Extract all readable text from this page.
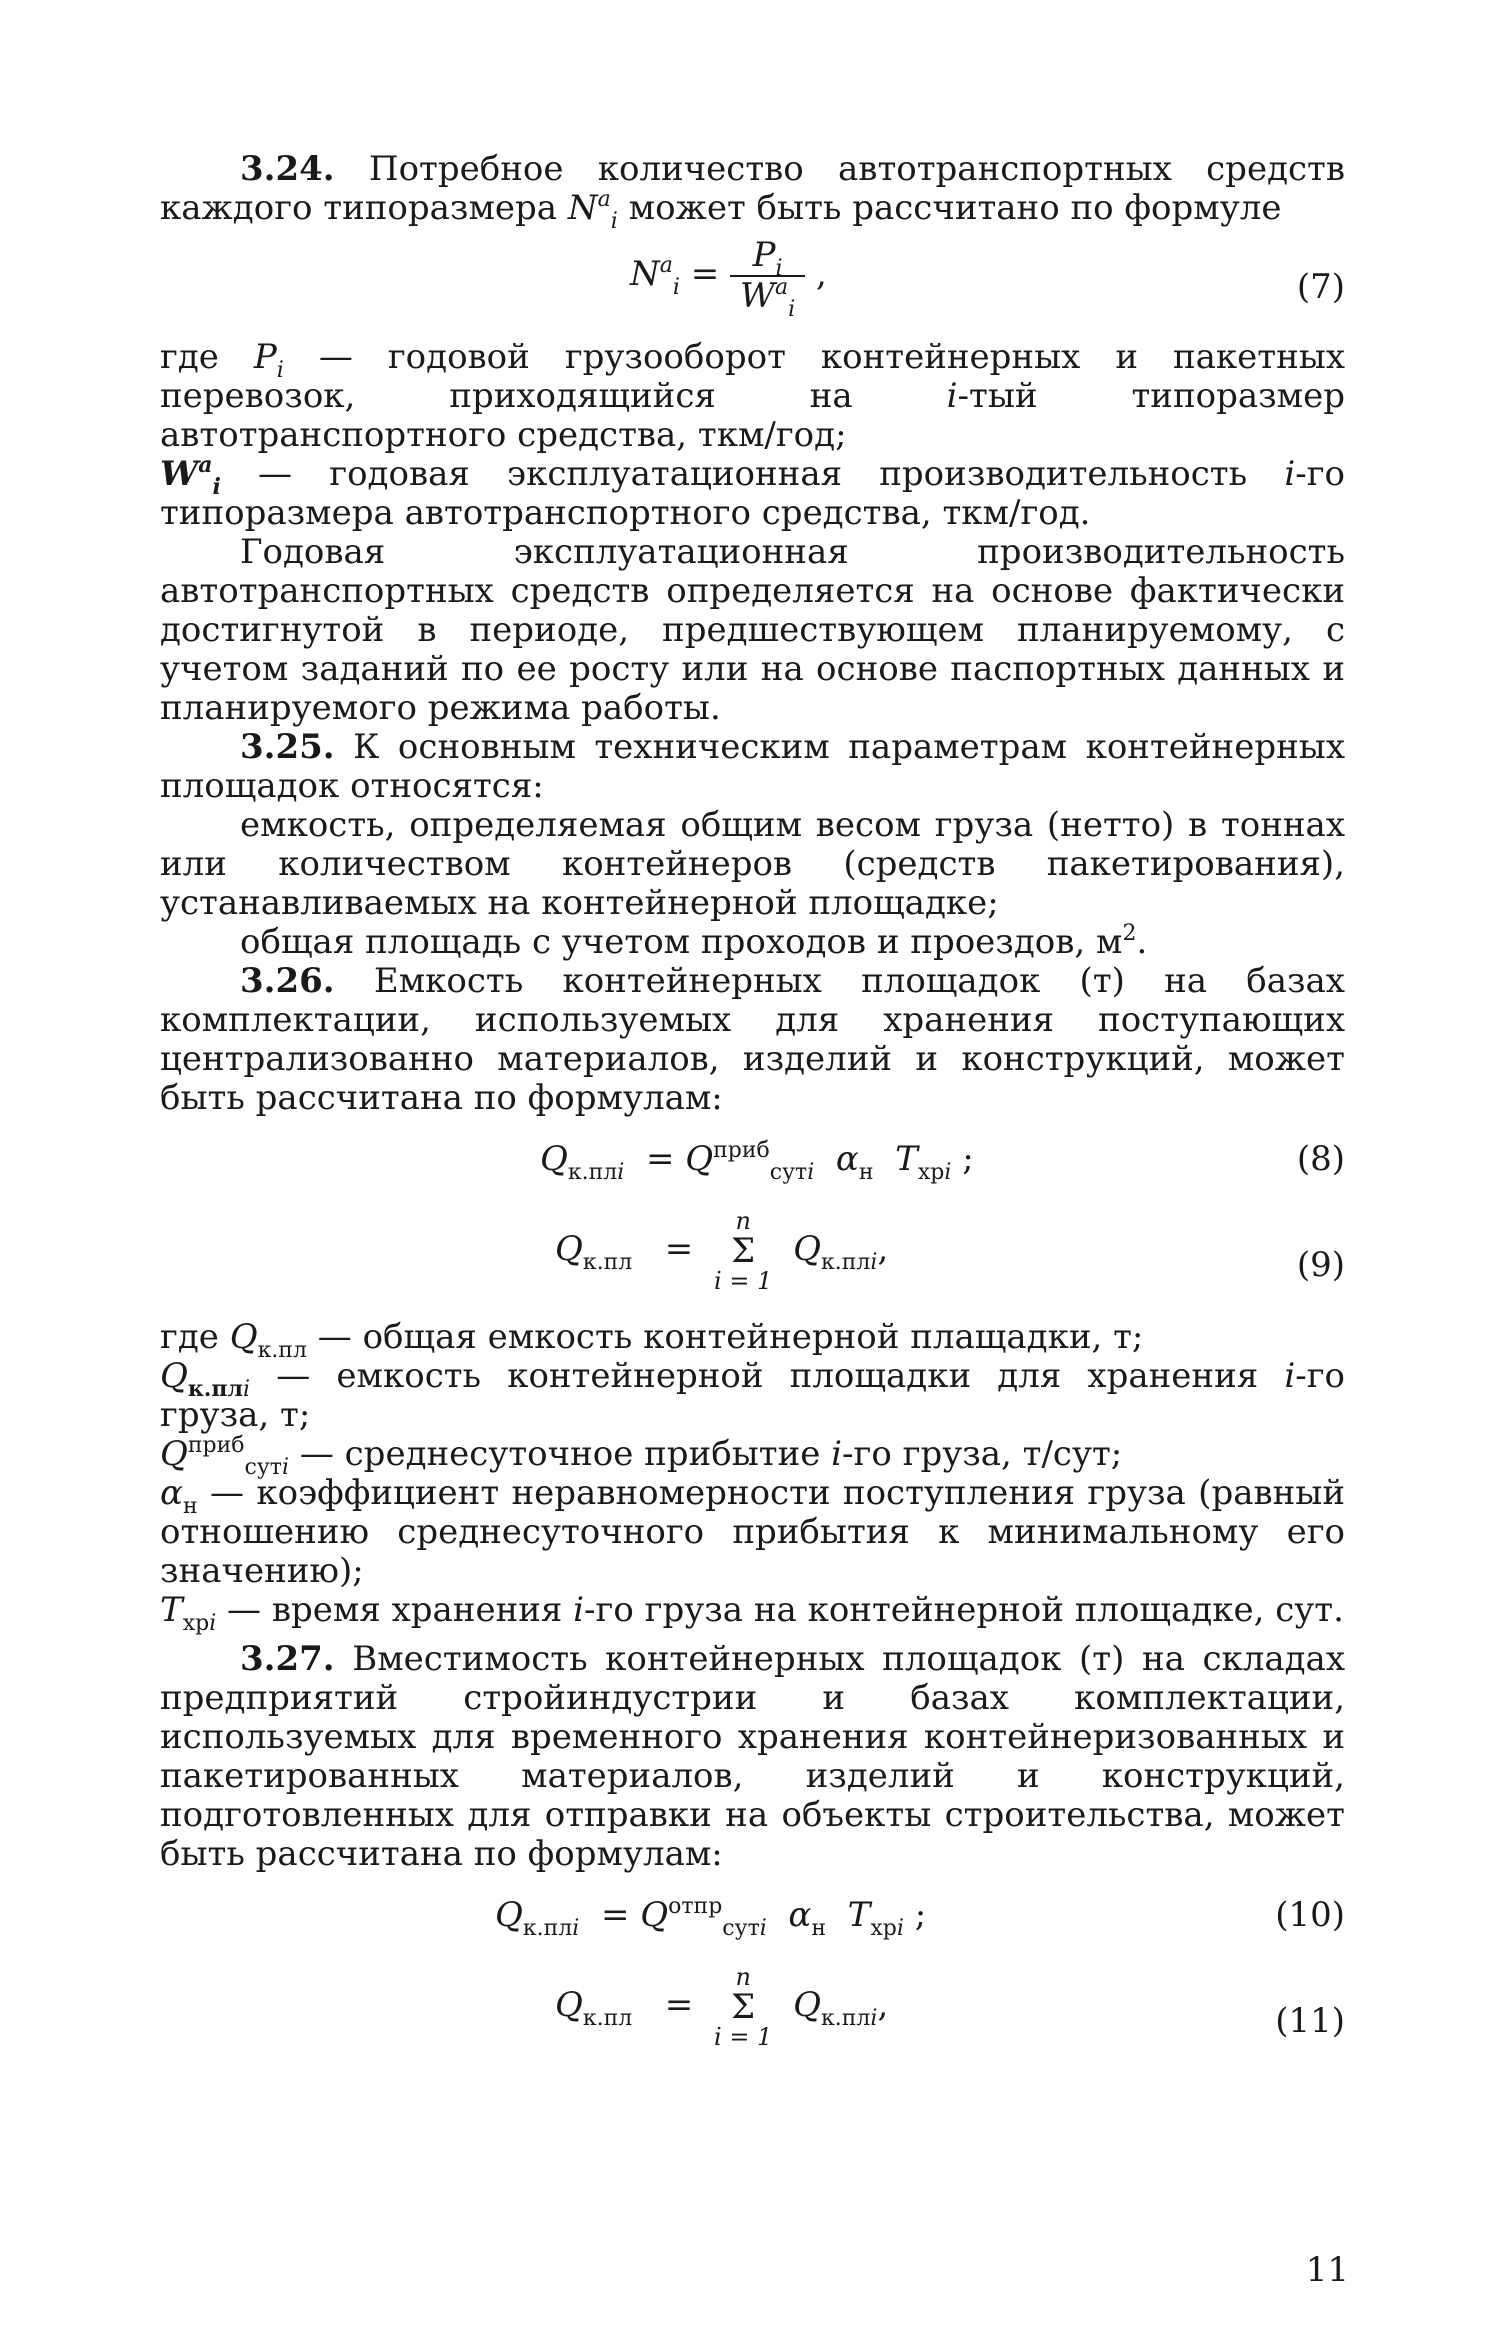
3.24. Потребное количество автотранспортных средств каждого типоразмера $N^а_i$ может быть рассчитано по формуле

$N^а_i = \frac{P_i}{W^а_i}$ ,	(7)

где $P_i$ — годовой грузооборот контейнерных и пакетных перевозок, приходящийся на	i-тый типоразмер автотранспортного средства, ткм/год;

$W^а_i$ — годовая эксплуатационная производительность i-го типоразмера автотранспортного средства, ткм/год.

Годовая эксплуатационная производительность автотранспортных средств определяется на основе фактически достигнутой в периоде, предшествующем планируемому, с учетом заданий по ее росту или на основе паспортных данных и планируемого режима работы.

3.25. К основным техническим параметрам контейнерных площадок относятся:

емкость, определяемая общим весом груза (нетто) в тоннах или количеством контейнеров (средств пакетирования), устанавливаемых на контейнерной площадке;

общая площадь с учетом проходов и проездов, $м^2$.

3.26. Емкость контейнерных площадок (т) на базах комплектации, используемых для хранения поступающих централизованно материалов, изделий и конструкций, может быть рассчитана по формулам:

$Q_{к.плi} = Q^{приб}_{сутi}$ $\alpha_н$ $T_{хрi}$ ;	(8)
$Q_{к.пл}$ =
n
Σ
i = 1
$Q_{к.плi}$,	(9)

где $Q_{к.пл}$ — общая емкость контейнерной плащадки, т;

$Q_{к.плi}$ — емкость контейнерной площадки для хранения i-го груза, т;

$Q^{приб}_{сутi}$ — среднесуточное прибытие i-го груза, т/сут;

$\alpha_н$ — коэффициент неравномерности поступления груза (равный отношению среднесуточного прибытия к минимальному его значению);

$T_{хрi}$ — время хранения i-го груза на контейнерной площадке, сут.

3.27. Вместимость контейнерных площадок (т) на складах предприятий стройиндустрии и базах комплектации, используемых для временного хранения контейнеризованных и пакетированных материалов, изделий и конструкций, подготовленных для отправки на объекты строительства, может быть рассчитана по формулам:

$Q_{к.плi} = Q^{отпр}_{сутi}$ $\alpha_н$ $T_{хрi}$ ;	(10)
$Q_{к.пл}$ =
n
Σ
i = 1
$Q_{к.плi}$,	(11)
11
